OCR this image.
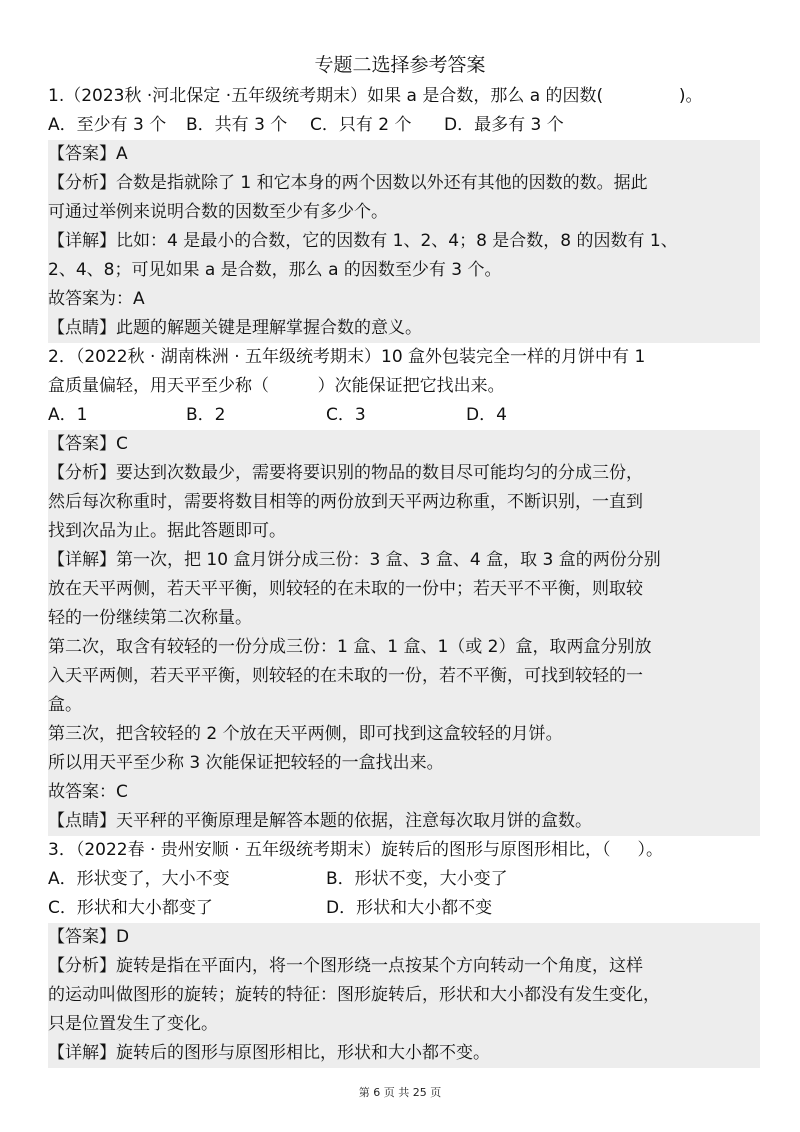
专题二选择参考答案
1.（2023秋 ·河北保定 ·五年级统考期末）如果 a 是合数，那么 a 的因数(              )。

A．至少有 3 个

B．共有 3 个

C．只有 2 个

D．最多有 3 个

【答案】A
【分析】合数是指就除了 1 和它本身的两个因数以外还有其他的因数的数。据此
可通过举例来说明合数的因数至少有多少个。
【详解】比如：4 是最小的合数，它的因数有 1、2、4；8 是合数，8 的因数有 1、
2、4、8；可见如果 a 是合数，那么 a 的因数至少有 3 个。
故答案为：A
【点睛】此题的解题关键是理解掌握合数的意义。
2．（2022秋 · 湖南株洲 · 五年级统考期末）10 盒外包装完全一样的月饼中有 1
盒质量偏轻，用天平至少称（         ）次能保证把它找出来。

A．1

	B．2

	C．3

	D．4

【答案】C
【分析】要达到次数最少，需要将要识别的物品的数目尽可能均匀的分成三份，
然后每次称重时，需要将数目相等的两份放到天平两边称重，不断识别，一直到
找到次品为止。据此答题即可。
【详解】第一次，把 10 盒月饼分成三份：3 盒、3 盒、4 盒，取 3 盒的两份分别
放在天平两侧，若天平平衡，则较轻的在未取的一份中；若天平不平衡，则取较
轻的一份继续第二次称量。
第二次，取含有较轻的一份分成三份：1 盒、1 盒、1（或 2）盒，取两盒分别放
入天平两侧，若天平平衡，则较轻的在未取的一份，若不平衡，可找到较轻的一
盒。
第三次，把含较轻的 2 个放在天平两侧，即可找到这盒较轻的月饼。
所以用天平至少称 3 次能保证把较轻的一盒找出来。
故答案：C
【点睛】天平秤的平衡原理是解答本题的依据，注意每次取月饼的盒数。
3．（2022春 · 贵州安顺 · 五年级统考期末）旋转后的图形与原图形相比，（     ）。

A．形状变了，大小不变

	B．形状不变，大小变了

C．形状和大小都变了

	D．形状和大小都不变

【答案】D
【分析】旋转是指在平面内，将一个图形绕一点按某个方向转动一个角度，这样
的运动叫做图形的旋转；旋转的特征：图形旋转后，形状和大小都没有发生变化，
只是位置发生了变化。
【详解】旋转后的图形与原图形相比，形状和大小都不变。
第 6 页 共 25 页
